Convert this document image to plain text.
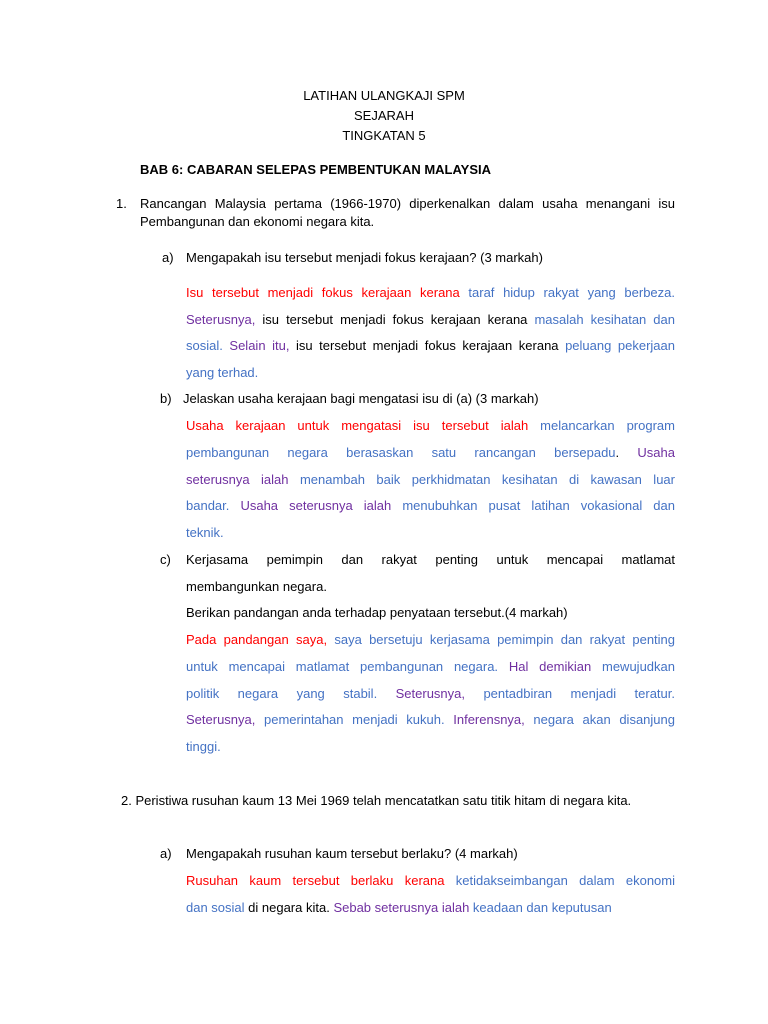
LATIHAN ULANGKAJI SPM
SEJARAH
TINGKATAN 5
BAB 6: CABARAN SELEPAS PEMBENTUKAN MALAYSIA
1. Rancangan Malaysia pertama (1966-1970) diperkenalkan dalam usaha menangani isu
Pembangunan dan ekonomi negara kita.
a) Mengapakah isu tersebut menjadi fokus kerajaan? (3 markah)
Isu tersebut menjadi fokus kerajaan kerana taraf hidup rakyat yang berbeza.
Seterusnya, isu tersebut menjadi fokus kerajaan kerana masalah kesihatan dan
sosial. Selain itu, isu tersebut menjadi fokus kerajaan kerana peluang pekerjaan
yang terhad.
b) Jelaskan usaha kerajaan bagi mengatasi isu di (a) (3 markah)
Usaha kerajaan untuk mengatasi isu tersebut ialah melancarkan program
pembangunan negara berasaskan satu rancangan bersepadu. Usaha
seterusnya ialah menambah baik perkhidmatan kesihatan di kawasan luar
bandar. Usaha seterusnya ialah menubuhkan pusat latihan vokasional dan
teknik.
c) Kerjasama pemimpin dan rakyat penting untuk mencapai matlamat
membangunkan negara.
Berikan pandangan anda terhadap penyataan tersebut.(4 markah)
Pada pandangan saya, saya bersetuju kerjasama pemimpin dan rakyat penting
untuk mencapai matlamat pembangunan negara. Hal demikian mewujudkan
politik negara yang stabil. Seterusnya, pentadbiran menjadi teratur.
Seterusnya, pemerintahan menjadi kukuh. Inferensnya, negara akan disanjung
tinggi.
2. Peristiwa rusuhan kaum 13 Mei 1969 telah mencatatkan satu titik hitam di negara kita.
a) Mengapakah rusuhan kaum tersebut berlaku? (4 markah)
Rusuhan kaum tersebut berlaku kerana ketidakseimbangan dalam ekonomi
dan sosial di negara kita. Sebab seterusnya ialah keadaan dan keputusan
